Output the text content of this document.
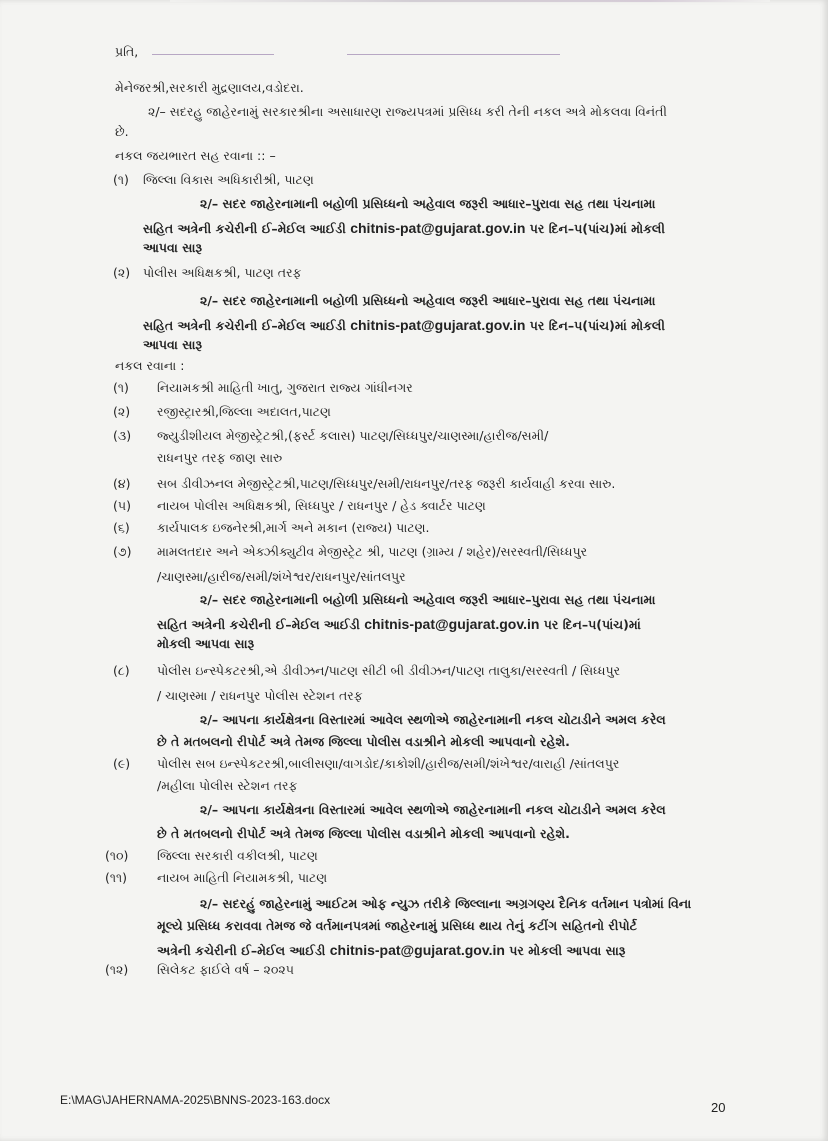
પ્રતિ,
મેનેજરશ્રી,સરકારી મુદ્રણાલય,વડોદરા.
૨/– સદરહુ જાહેરનામું સરકારશ્રીના અસાધારણ રાજ્યપત્રમાં પ્રસિધ્ધ કરી તેની નકલ અત્રે મોકલવા વિનંતી
છે.
નકલ જયભારત સહ રવાના :: –
(૧) જિલ્લા વિકાસ અધિકારીશ્રી, પાટણ
૨/– સદર જાહેરનામાની બહોળી પ્રસિધ્ધનો અહેવાલ જરૂરી આધાર–પુરાવા સહ તથા પંચનામા
સહિત અત્રેની કચેરીની ઈ–મેઈલ આઈડી chitnis-pat@gujarat.gov.in પર દિન–૫(પાંચ)માં મોકલી
આપવા સારૂ
(૨) પોલીસ અધિક્ષકશ્રી, પાટણ તરફ
૨/– સદર જાહેરનામાની બહોળી પ્રસિધ્ધનો અહેવાલ જરૂરી આધાર–પુરાવા સહ તથા પંચનામા
સહિત અત્રેની કચેરીની ઈ–મેઈલ આઈડી chitnis-pat@gujarat.gov.in પર દિન–૫(પાંચ)માં મોકલી
આપવા સારૂ
નકલ રવાના :
(૧) નિયામકશ્રી માહિતી ખાતુ, ગુજરાત રાજ્ય ગાંધીનગર
(૨) રજીસ્ટ્રારશ્રી,જિલ્લા અદાલત,પાટણ
(૩) જ્યુડીશીયલ મેજીસ્ટ્રેટશ્રી,(ફર્સ્ટ કલાસ) પાટણ/સિધ્ધપુર/ચાણસ્મા/હારીજ/સમી/
રાધનપુર તરફ જાણ સારુ
(૪) સબ ડીવીઝનલ મેજીસ્ટ્રેટશ્રી,પાટણ/સિધ્ધપુર/સમી/રાધનપુર/તરફ જરૂરી કાર્યવાહી કરવા સારુ.
(૫) નાયબ પોલીસ અધિક્ષકશ્રી, સિધ્ધપુર / રાધનપુર / હેડ ક્વાર્ટર પાટણ
(૬) કાર્યપાલક ઇજનેરશ્રી,માર્ગ અને મકાન (રાજ્ય) પાટણ.
(૭) મામલતદાર અને એક્ઝીક્યુટીવ મેજીસ્ટ્રેટ શ્રી, પાટણ (ગ્રામ્ય / શહેર)/સરસ્વતી/સિધ્ધપુર
/ચાણસ્મા/હારીજ/સમી/શંખેશ્વર/રાધનપુર/સાંતલપુર
૨/– સદર જાહેરનામાની બહોળી પ્રસિધ્ધનો અહેવાલ જરૂરી આધાર–પુરાવા સહ તથા પંચનામા
સહિત અત્રેની કચેરીની ઈ–મેઈલ આઈડી chitnis-pat@gujarat.gov.in પર દિન–૫(પાંચ)માં
મોકલી આપવા સારૂ
(૮) પોલીસ ઇન્સ્પેકટરશ્રી,એ ડીવીઝન/પાટણ સીટી બી ડીવીઝન/પાટણ તાલુકા/સરસ્વતી / સિધ્ધપુર
/ ચાણસ્મા / રાધનપુર પોલીસ સ્ટેશન તરફ
૨/– આપના કાર્યક્ષેત્રના વિસ્તારમાં આવેલ સ્થળોએ જાહેરનામાની નકલ ચોટાડીને અમલ કરેલ
છે તે મતબલનો રીપોર્ટ અત્રે તેમજ જિલ્લા પોલીસ વડાશ્રીને મોકલી આપવાનો રહેશે.
(૯) પોલીસ સબ ઇન્સ્પેકટરશ્રી,બાલીસણા/વાગડોદ/કાકોશી/હારીજ/સમી/શંખેશ્વર/વારાહી /સાંતલપુર
/મહીલા પોલીસ સ્ટેશન તરફ
૨/– આપના કાર્યક્ષેત્રના વિસ્તારમાં આવેલ સ્થળોએ જાહેરનામાની નકલ ચોટાડીને અમલ કરેલ
છે તે મતબલનો રીપોર્ટ અત્રે તેમજ જિલ્લા પોલીસ વડાશ્રીને મોકલી આપવાનો રહેશે.
(૧૦) જિલ્લા સરકારી વકીલશ્રી, પાટણ
(૧૧) નાયબ માહિતી નિયામકશ્રી, પાટણ
૨/– સદરહું જાહેરનામું આઈટમ ઓફ ન્યુઝ તરીકે જિલ્લાના અગ્રગણ્ય દૈનિક વર્તમાન પત્રોમાં વિના
મૂલ્યે પ્રસિધ્ધ કરાવવા તેમજ જે વર્તમાનપત્રમાં જાહેરનામું પ્રસિધ્ધ થાય તેનું કટીંગ સહિતનો રીપોર્ટ
અત્રેની કચેરીની ઈ–મેઈલ આઈડી chitnis-pat@gujarat.gov.in પર મોકલી આપવા સારૂ
(૧૨) સિલેકટ ફાઈલે વર્ષ – ૨૦૨૫
E:\MAG\JAHERNAMA-2025\BNNS-2023-163.docx	20
